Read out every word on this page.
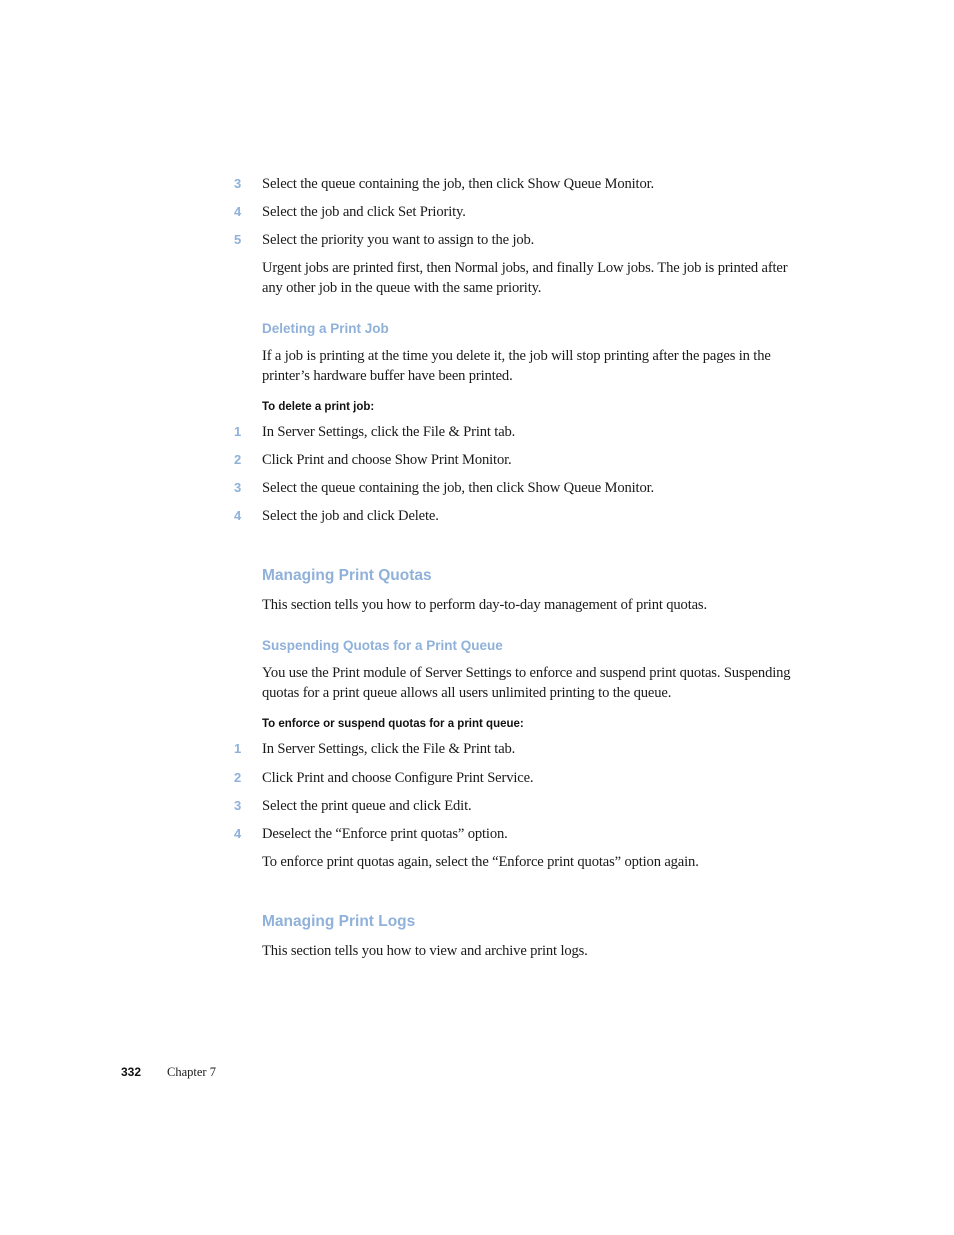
3	Select the queue containing the job, then click Show Queue Monitor.
4	Select the job and click Set Priority.
5	Select the priority you want to assign to the job.
Urgent jobs are printed first, then Normal jobs, and finally Low jobs. The job is printed after any other job in the queue with the same priority.
Deleting a Print Job
If a job is printing at the time you delete it, the job will stop printing after the pages in the printer’s hardware buffer have been printed.
To delete a print job:
1	In Server Settings, click the File & Print tab.
2	Click Print and choose Show Print Monitor.
3	Select the queue containing the job, then click Show Queue Monitor.
4	Select the job and click Delete.
Managing Print Quotas
This section tells you how to perform day-to-day management of print quotas.
Suspending Quotas for a Print Queue
You use the Print module of Server Settings to enforce and suspend print quotas. Suspending quotas for a print queue allows all users unlimited printing to the queue.
To enforce or suspend quotas for a print queue:
1	In Server Settings, click the File & Print tab.
2	Click Print and choose Configure Print Service.
3	Select the print queue and click Edit.
4	Deselect the “Enforce print quotas” option.
To enforce print quotas again, select the “Enforce print quotas” option again.
Managing Print Logs
This section tells you how to view and archive print logs.
332 Chapter 7
